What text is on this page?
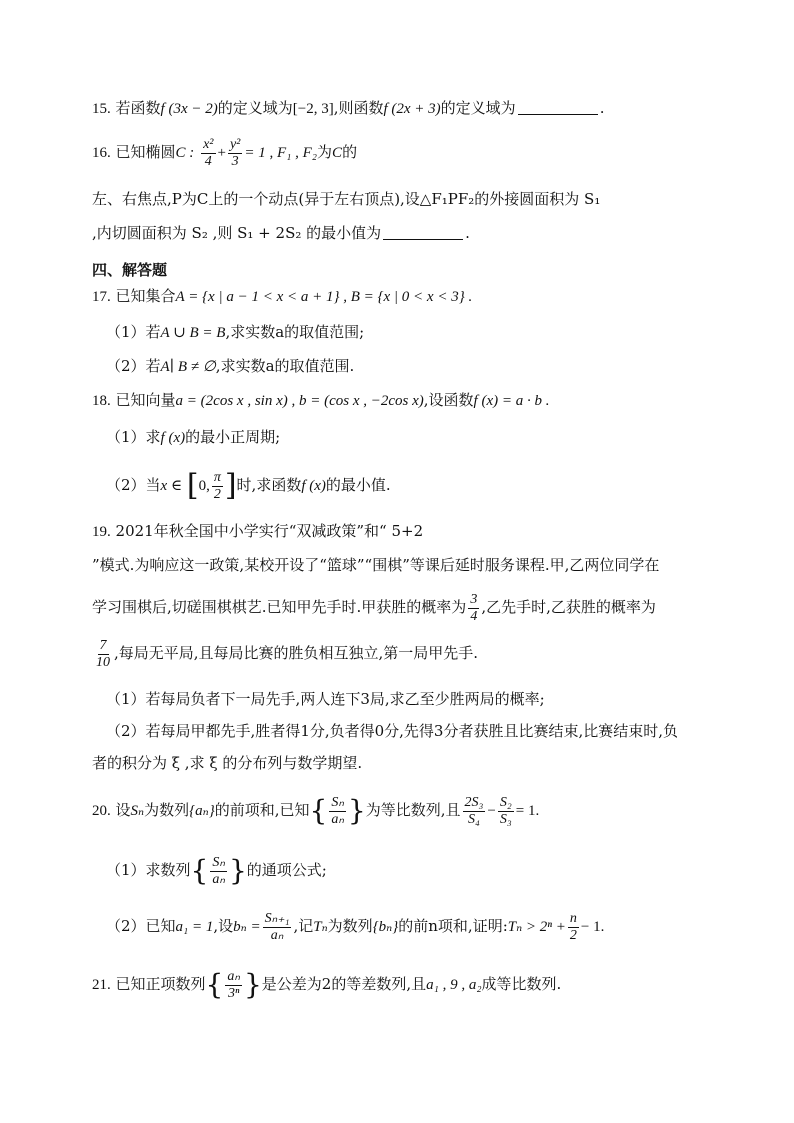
15. 若函数f (3x − 2)的定义域为[−2, 3],则函数f (2x + 3)的定义域为	.
16. 已知椭圆C : $\frac{\text{x²}}{4} + \frac{\text{y²}}{3} = 1$ , F₁ , F₂为C的
左、右焦点,P为C上的一个动点(异于左右顶点),设△F₁PF₂的外接圆面积为 S₁
,内切圆面积为 S₂ ,则 S₁ + 2S₂ 的最小值为	.
四、解答题
17. 已知集合A = {x | a − 1 < x < a + 1} , B = {x | 0 < x < 3} .
（1）若A ∪ B = B,求实数a的取值范围;
（2）若A∣ B ≠ ∅,求实数a的取值范围.
18. 已知向量a = (2cos x , sin x) , b = (cos x , −2cos x),设函数f (x) = a · b .
（1）求f (x)的最小正周期;
（2）当x ∈ [0, $\frac{\pi}{2}$ ]时,求函数f (x)的最小值.
19. 2021年秋全国中小学实行“双减政策”和“ 5+2
”模式.为响应这一政策,某校开设了“篮球”“围棋”等课后延时服务课程.甲,乙两位同学在
学习围棋后,切磋围棋棋艺.已知甲先手时.甲获胜的概率为 $\frac{3}{4}$ ,乙先手时,乙获胜的概率为
$\frac{7}{10}$ ,每局无平局,且每局比赛的胜负相互独立,第一局甲先手.
（1）若每局负者下一局先手,两人连下3局,求乙至少胜两局的概率;
（2）若每局甲都先手,胜者得1分,负者得0分,先得3分者获胜且比赛结束,比赛结束时,负
者的积分为 ξ ,求 ξ 的分布列与数学期望.
20. 设Sₙ为数列{aₙ}的前项和,已知{ $\frac{\text{Sₙ}}{\text{aₙ}}$ }为等比数列,且 $\frac{\text{2S₃}}{\text{S₄}} - \frac{\text{S₂}}{\text{S₃}} = 1$.
（1）求数列{ $\frac{\text{Sₙ}}{\text{aₙ}}$ }的通项公式;
（2）已知a₁ = 1,设$b_n = \frac{\text{Sₙ₊₁}}{\text{aₙ}}$ ,记Tₙ为数列{bₙ}的前n项和,证明:Tₙ > $2^n + \frac{n}{2} - 1$.
21. 已知正项数列{ $\frac{\text{aₙ}}{\text{3ⁿ}}$ }是公差为2的等差数列,且a₁ , 9 , a₂成等比数列.
